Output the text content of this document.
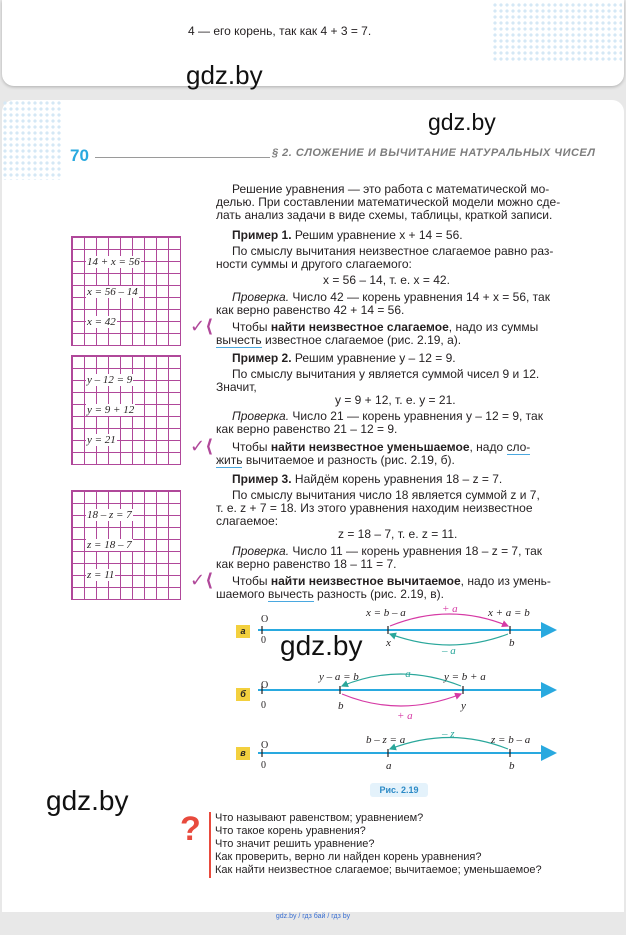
4 — его корень, так как 4 + 3 = 7.
gdz.by
gdz.by
70	§ 2. СЛОЖЕНИЕ И ВЫЧИТАНИЕ НАТУРАЛЬНЫХ ЧИСЕЛ
Решение уравнения — это работа с математической мо-
делью. При составлении математической модели можно сде-
лать анализ задачи в виде схемы, таблицы, краткой записи.
Пример 1. Решим уравнение x + 14 = 56.
По смыслу вычитания неизвестное слагаемое равно раз-
ности суммы и другого слагаемого:
x = 56 – 14, т. е. x = 42.
Проверка. Число 42 — корень уравнения 14 + x = 56, так
как верно равенство 42 + 14 = 56.
✓⟨ Чтобы найти неизвестное слагаемое, надо из суммы
вычесть известное слагаемое (рис. 2.19, а).
Пример 2. Решим уравнение y – 12 = 9.
По смыслу вычитания y является суммой чисел 9 и 12.
Значит,
y = 9 + 12, т. е. y = 21.
Проверка. Число 21 — корень уравнения y – 12 = 9, так
как верно равенство 21 – 12 = 9.
✓⟨ Чтобы найти неизвестное уменьшаемое, надо сло-
жить вычитаемое и разность (рис. 2.19, б).
Пример 3. Найдём корень уравнения 18 – z = 7.
По смыслу вычитания число 18 является суммой z и 7,
т. е. z + 7 = 18. Из этого уравнения находим неизвестное
слагаемое:
z = 18 – 7, т. е. z = 11.
Проверка. Число 11 — корень уравнения 18 – z = 7, так
как верно равенство 18 – 11 = 7.
✓⟨ Чтобы найти неизвестное вычитаемое, надо из умень-
шаемого вычесть разность (рис. 2.19, в).
14 + x = 56
x = 56 – 14
x = 42
y – 12 = 9
y = 9 + 12
y = 21
18 – z = 7
z = 18 – 7
z = 11
а
O
0
x = b – a	x + a = b
+ a
– a
x	b
б
O
0
y – a = b	y = b + a
– a
+ a
b	y
в
O
0
b – z = a	z = b – a
– z
a	b
Рис. 2.19
gdz.by
gdz.by
? Что называют равенством; уравнением?
Что такое корень уравнения?
Что значит решить уравнение?
Как проверить, верно ли найден корень уравнения?
Как найти неизвестное слагаемое; вычитаемое; уменьшаемое?
gdz.by / гдз бай / гдз by
